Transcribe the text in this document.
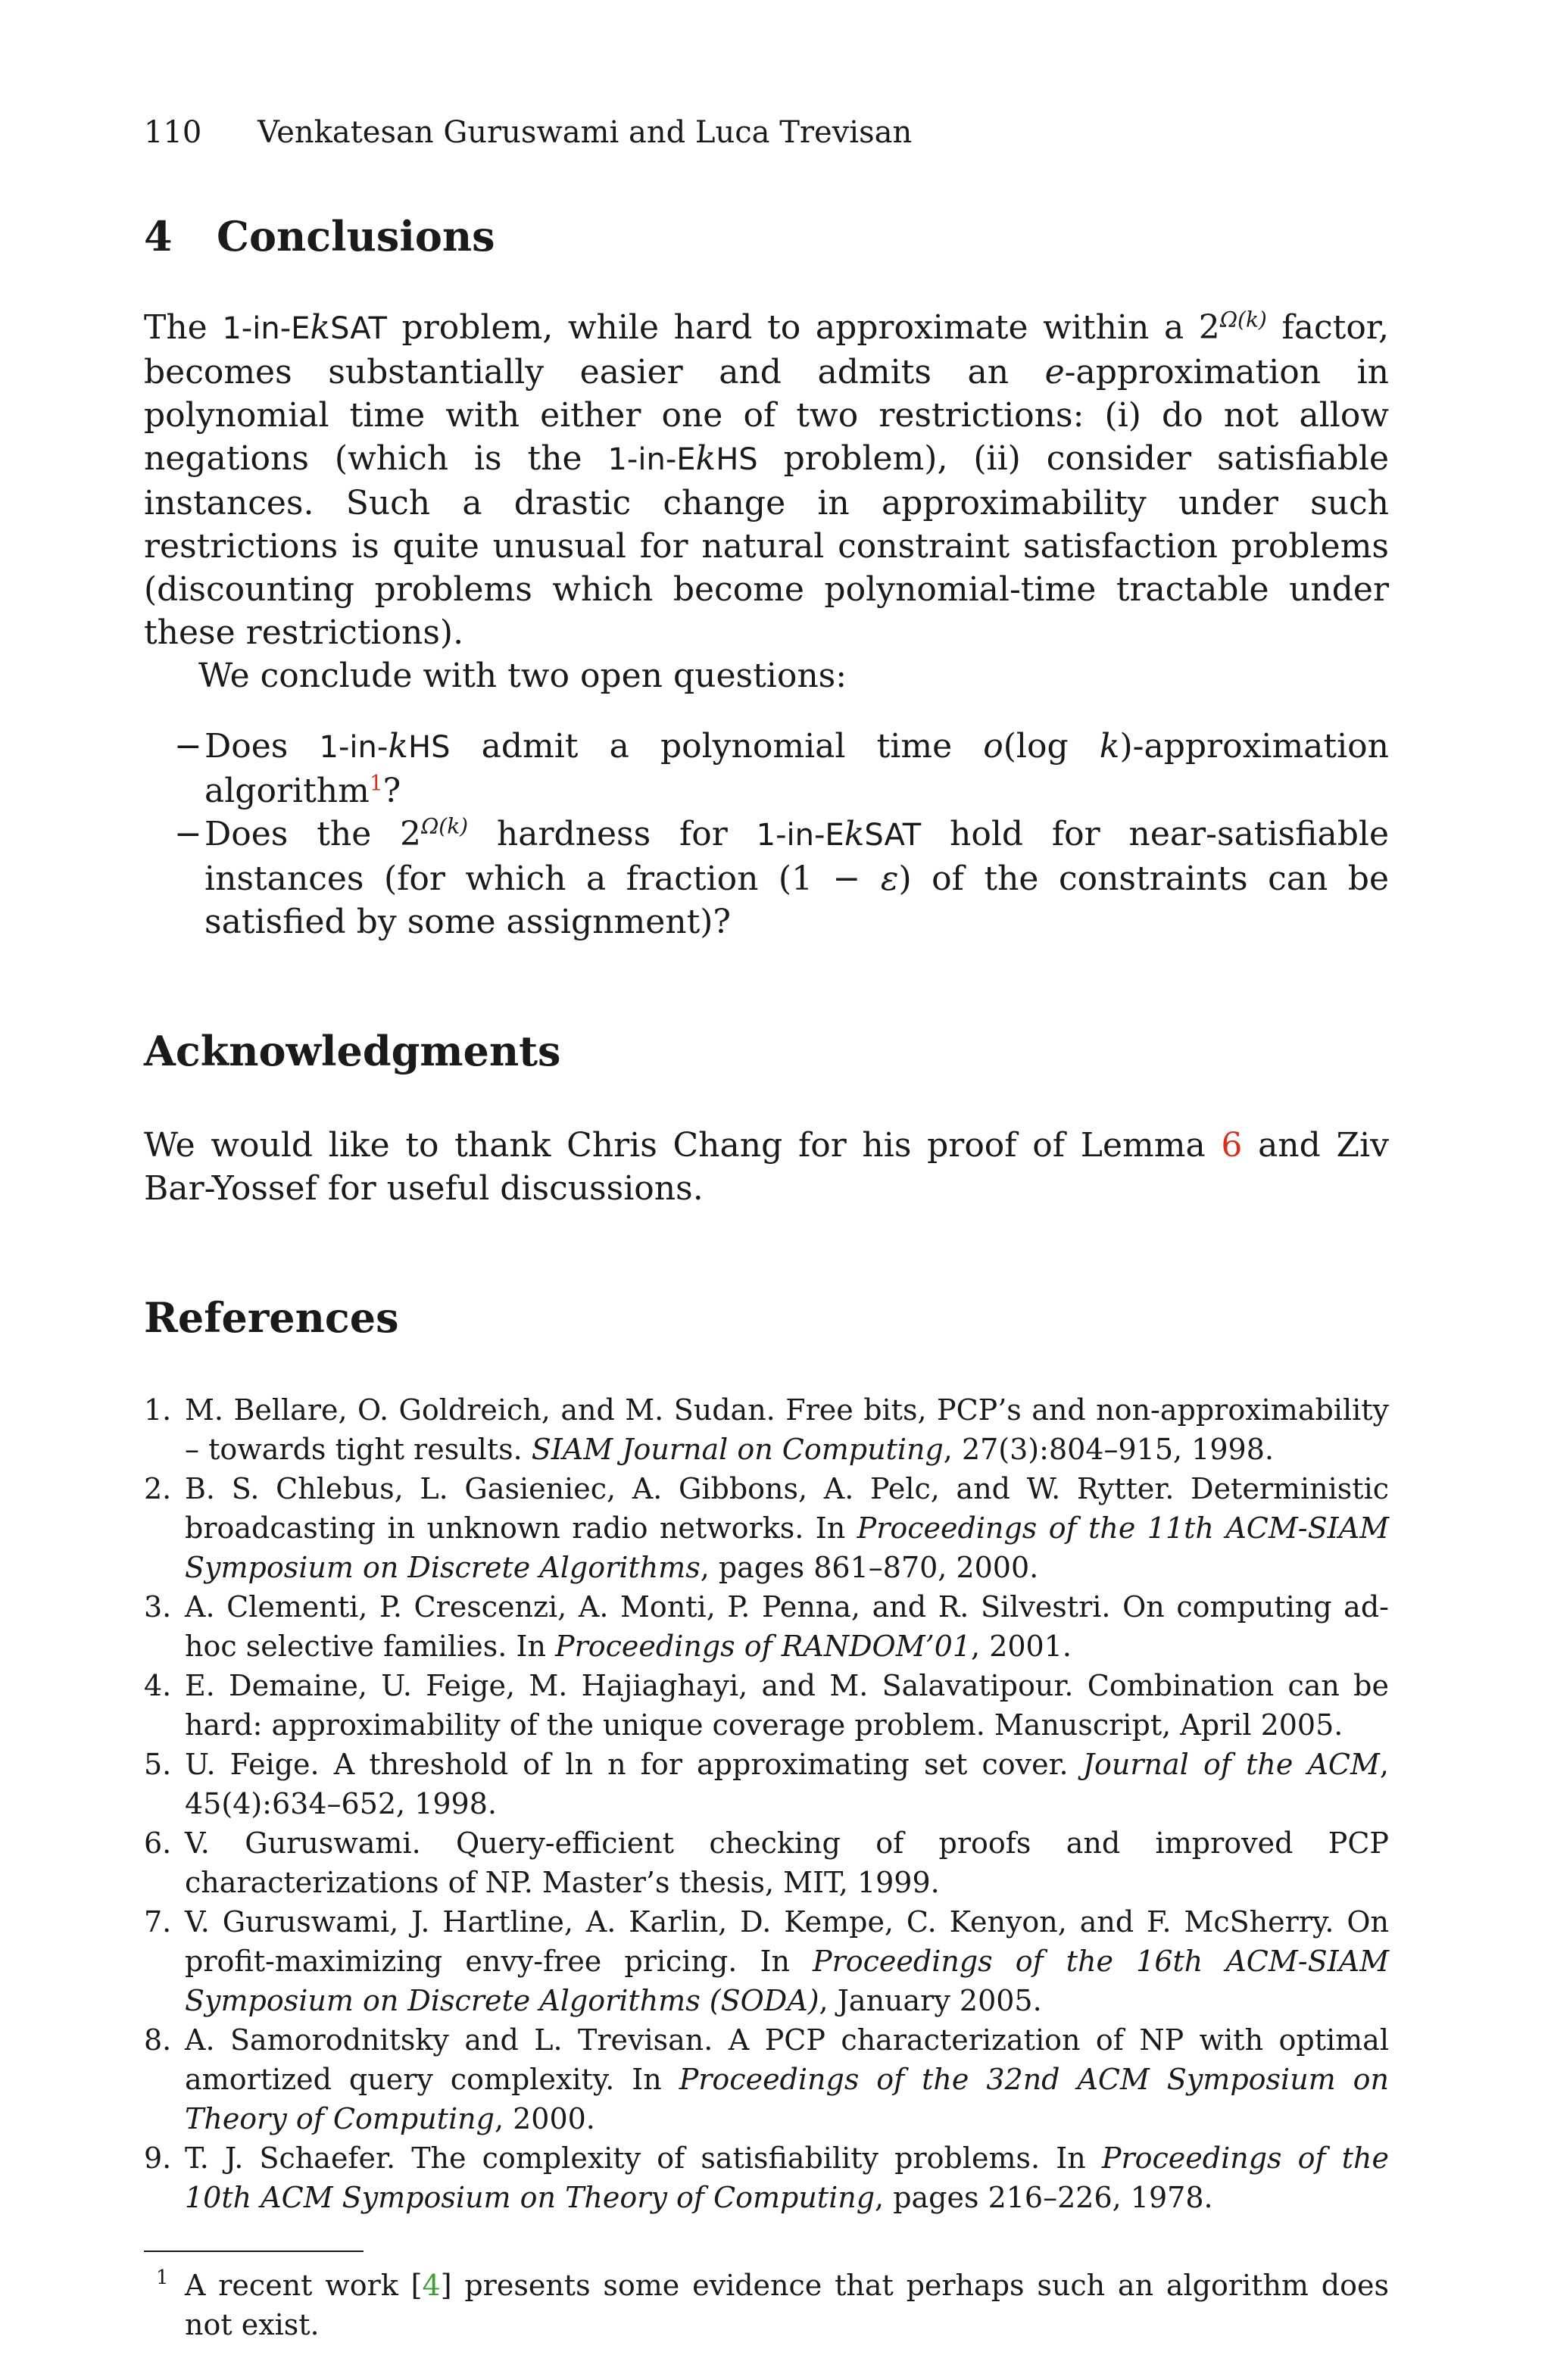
110 Venkatesan Guruswami and Luca Trevisan
4 Conclusions

The 1-in-EkSAT problem, while hard to approximate within a $2^{\Omega(k)}$ factor, becomes substantially easier and admits an e-approximation in polynomial time with either one of two restrictions: (i) do not allow negations (which is the 1-in-EkHS problem), (ii) consider satisfiable instances. Such a drastic change in approximability under such restrictions is quite unusual for natural constraint satisfaction problems (discounting problems which become polynomial-time tractable under these restrictions).

We conclude with two open questions:

− Does 1-in-kHS admit a polynomial time o(log k)-approximation algorithm$^1$?
− Does the $2^{\Omega(k)}$ hardness for 1-in-EkSAT hold for near-satisfiable instances (for which a fraction (1 − ε) of the constraints can be satisfied by some assignment)?
Acknowledgments

We would like to thank Chris Chang for his proof of Lemma 6 and Ziv Bar-Yossef for useful discussions.

References
1. M. Bellare, O. Goldreich, and M. Sudan. Free bits, PCP’s and non-approximability – towards tight results. SIAM Journal on Computing, 27(3):804–915, 1998.
2. B. S. Chlebus, L. Gasieniec, A. Gibbons, A. Pelc, and W. Rytter. Deterministic broadcasting in unknown radio networks. In Proceedings of the 11th ACM-SIAM Symposium on Discrete Algorithms, pages 861–870, 2000.
3. A. Clementi, P. Crescenzi, A. Monti, P. Penna, and R. Silvestri. On computing ad-hoc selective families. In Proceedings of RANDOM’01, 2001.
4. E. Demaine, U. Feige, M. Hajiaghayi, and M. Salavatipour. Combination can be hard: approximability of the unique coverage problem. Manuscript, April 2005.
5. U. Feige. A threshold of ln n for approximating set cover. Journal of the ACM, 45(4):634–652, 1998.
6. V. Guruswami. Query-efficient checking of proofs and improved PCP characterizations of NP. Master’s thesis, MIT, 1999.
7. V. Guruswami, J. Hartline, A. Karlin, D. Kempe, C. Kenyon, and F. McSherry. On profit-maximizing envy-free pricing. In Proceedings of the 16th ACM-SIAM Symposium on Discrete Algorithms (SODA), January 2005.
8. A. Samorodnitsky and L. Trevisan. A PCP characterization of NP with optimal amortized query complexity. In Proceedings of the 32nd ACM Symposium on Theory of Computing, 2000.
9. T. J. Schaefer. The complexity of satisfiability problems. In Proceedings of the 10th ACM Symposium on Theory of Computing, pages 216–226, 1978.
1 A recent work [4] presents some evidence that perhaps such an algorithm does not exist.
